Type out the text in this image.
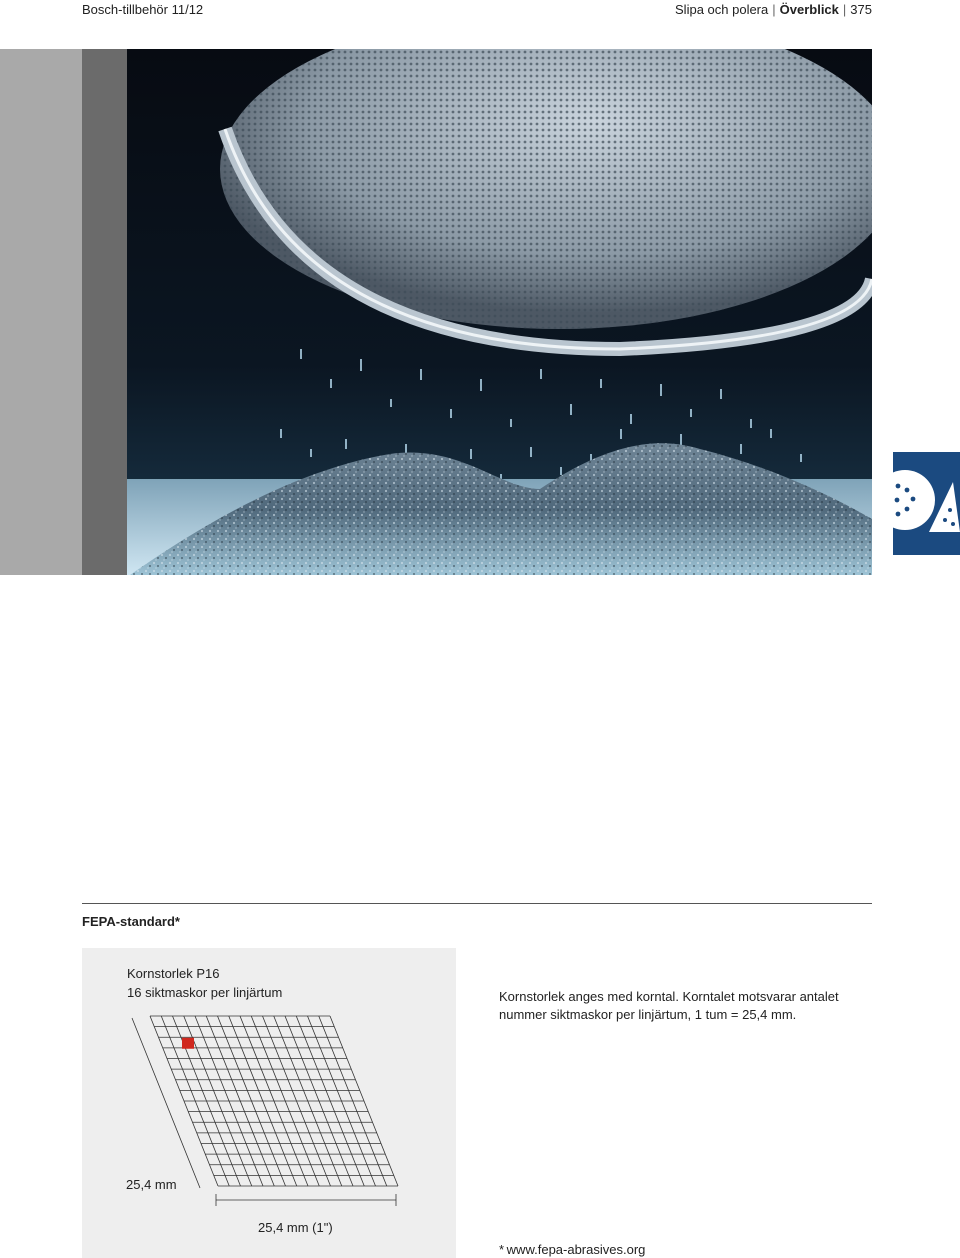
Bosch-tillbehör 11/12	Slipa och polera | Överblick | 375
FEPA-standard*
Kornstorlek P16
16 siktmaskor per linjärtum
25,4 mm
25,4 mm (1")
Kornstorlek anges med korntal. Korntalet motsvarar antalet nummer siktmaskor per linjärtum, 1 tum = 25,4 mm.
* www.fepa-abrasives.org
